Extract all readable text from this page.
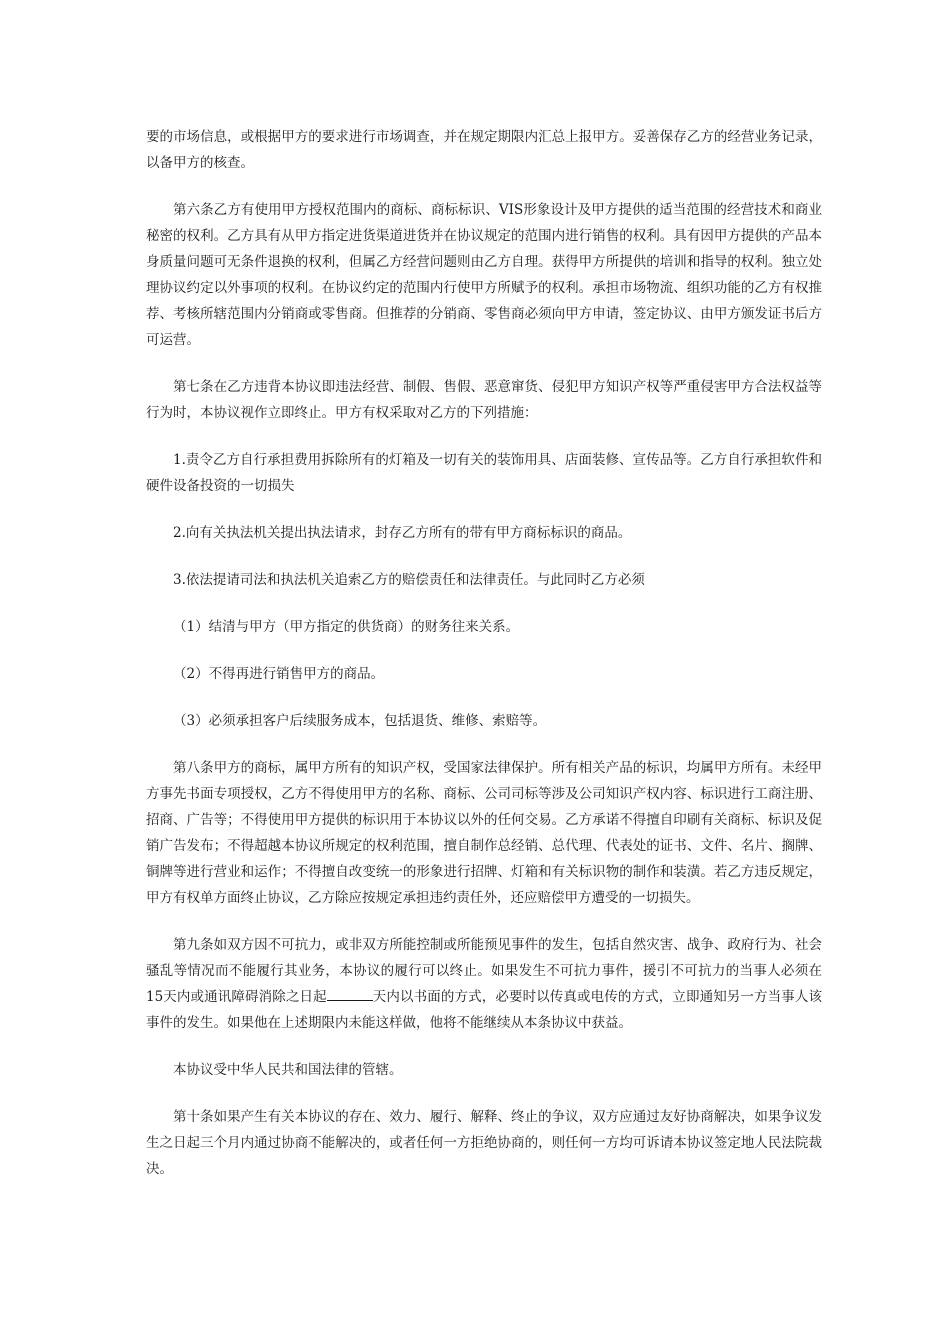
要的市场信息，或根据甲方的要求进行市场调查，并在规定期限内汇总上报甲方。妥善保存乙方的经营业务记录，以备甲方的核查。

第六条乙方有使用甲方授权范围内的商标、商标标识、VIS形象设计及甲方提供的适当范围的经营技术和商业秘密的权利。乙方具有从甲方指定进货渠道进货并在协议规定的范围内进行销售的权利。具有因甲方提供的产品本身质量问题可无条件退换的权利，但属乙方经营问题则由乙方自理。获得甲方所提供的培训和指导的权利。独立处理协议约定以外事项的权利。在协议约定的范围内行使甲方所赋予的权利。承担市场物流、组织功能的乙方有权推荐、考核所辖范围内分销商或零售商。但推荐的分销商、零售商必须向甲方申请，签定协议、由甲方颁发证书后方可运营。

第七条在乙方违背本协议即违法经营、制假、售假、恶意窜货、侵犯甲方知识产权等严重侵害甲方合法权益等行为时，本协议视作立即终止。甲方有权采取对乙方的下列措施：

1.责令乙方自行承担费用拆除所有的灯箱及一切有关的装饰用具、店面装修、宣传品等。乙方自行承担软件和硬件设备投资的一切损失

2.向有关执法机关提出执法请求，封存乙方所有的带有甲方商标标识的商品。

3.依法提请司法和执法机关追索乙方的赔偿责任和法律责任。与此同时乙方必须

（1）结清与甲方（甲方指定的供货商）的财务往来关系。

（2）不得再进行销售甲方的商品。

（3）必须承担客户后续服务成本，包括退货、维修、索赔等。

第八条甲方的商标，属甲方所有的知识产权，受国家法律保护。所有相关产品的标识，均属甲方所有。未经甲方事先书面专项授权，乙方不得使用甲方的名称、商标、公司司标等涉及公司知识产权内容、标识进行工商注册、招商、广告等；不得使用甲方提供的标识用于本协议以外的任何交易。乙方承诺不得擅自印刷有关商标、标识及促销广告发布；不得超越本协议所规定的权利范围，擅自制作总经销、总代理、代表处的证书、文件、名片、搁牌、铜牌等进行营业和运作；不得擅自改变统一的形象进行招牌、灯箱和有关标识物的制作和装潢。若乙方违反规定，甲方有权单方面终止协议，乙方除应按规定承担违约责任外，还应赔偿甲方遭受的一切损失。

第九条如双方因不可抗力，或非双方所能控制或所能预见事件的发生，包括自然灾害、战争、政府行为、社会骚乱等情况而不能履行其业务，本协议的履行可以终止。如果发生不可抗力事件，援引不可抗力的当事人必须在15天内或通讯障碍消除之日起	天内以书面的方式，必要时以传真或电传的方式，立即通知另一方当事人该事件的发生。如果他在上述期限内未能这样做，他将不能继续从本条协议中获益。

本协议受中华人民共和国法律的管辖。

第十条如果产生有关本协议的存在、效力、履行、解释、终止的争议，双方应通过友好协商解决，如果争议发生之日起三个月内通过协商不能解决的，或者任何一方拒绝协商的，则任何一方均可诉请本协议签定地人民法院裁决。
